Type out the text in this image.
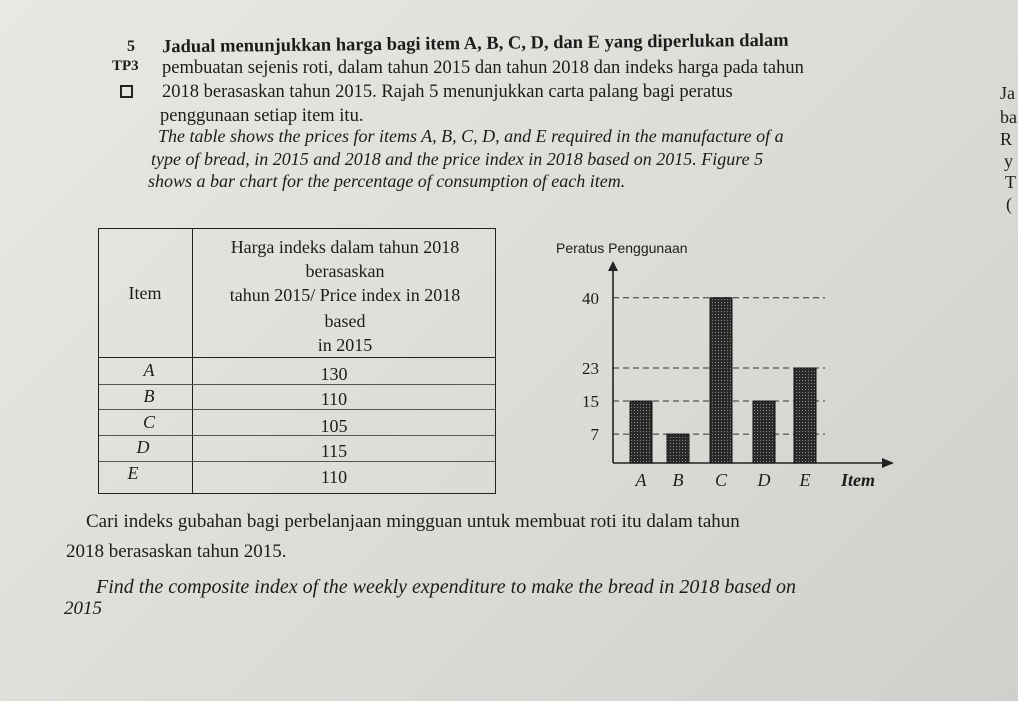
5
TP3
Jadual menunjukkan harga bagi item A, B, C, D, dan E yang diperlukan dalam
pembuatan sejenis roti, dalam tahun 2015 dan tahun 2018 dan indeks harga pada tahun
2018 berasaskan tahun 2015. Rajah 5 menunjukkan carta palang bagi peratus
penggunaan setiap item itu.
The table shows the prices for items A, B, C, D, and E required in the manufacture of a
type of bread, in 2015 and 2018 and the price index in 2018 based on 2015. Figure 5
shows a bar chart for the percentage of consumption of each item.
Ja
ba
R
y
T
(
Item
Harga indeks dalam tahun 2018
berasaskan
tahun 2015/ Price index in 2018
based
in 2015
A	130
B	110
C	105
D	115
E	110
Peratus Penggunaan
7
15
23
40
A B C D E Item
Cari indeks gubahan bagi perbelanjaan mingguan untuk membuat roti itu dalam tahun
2018 berasaskan tahun 2015.
Find the composite index of the weekly expenditure to make the bread in 2018 based on
2015
